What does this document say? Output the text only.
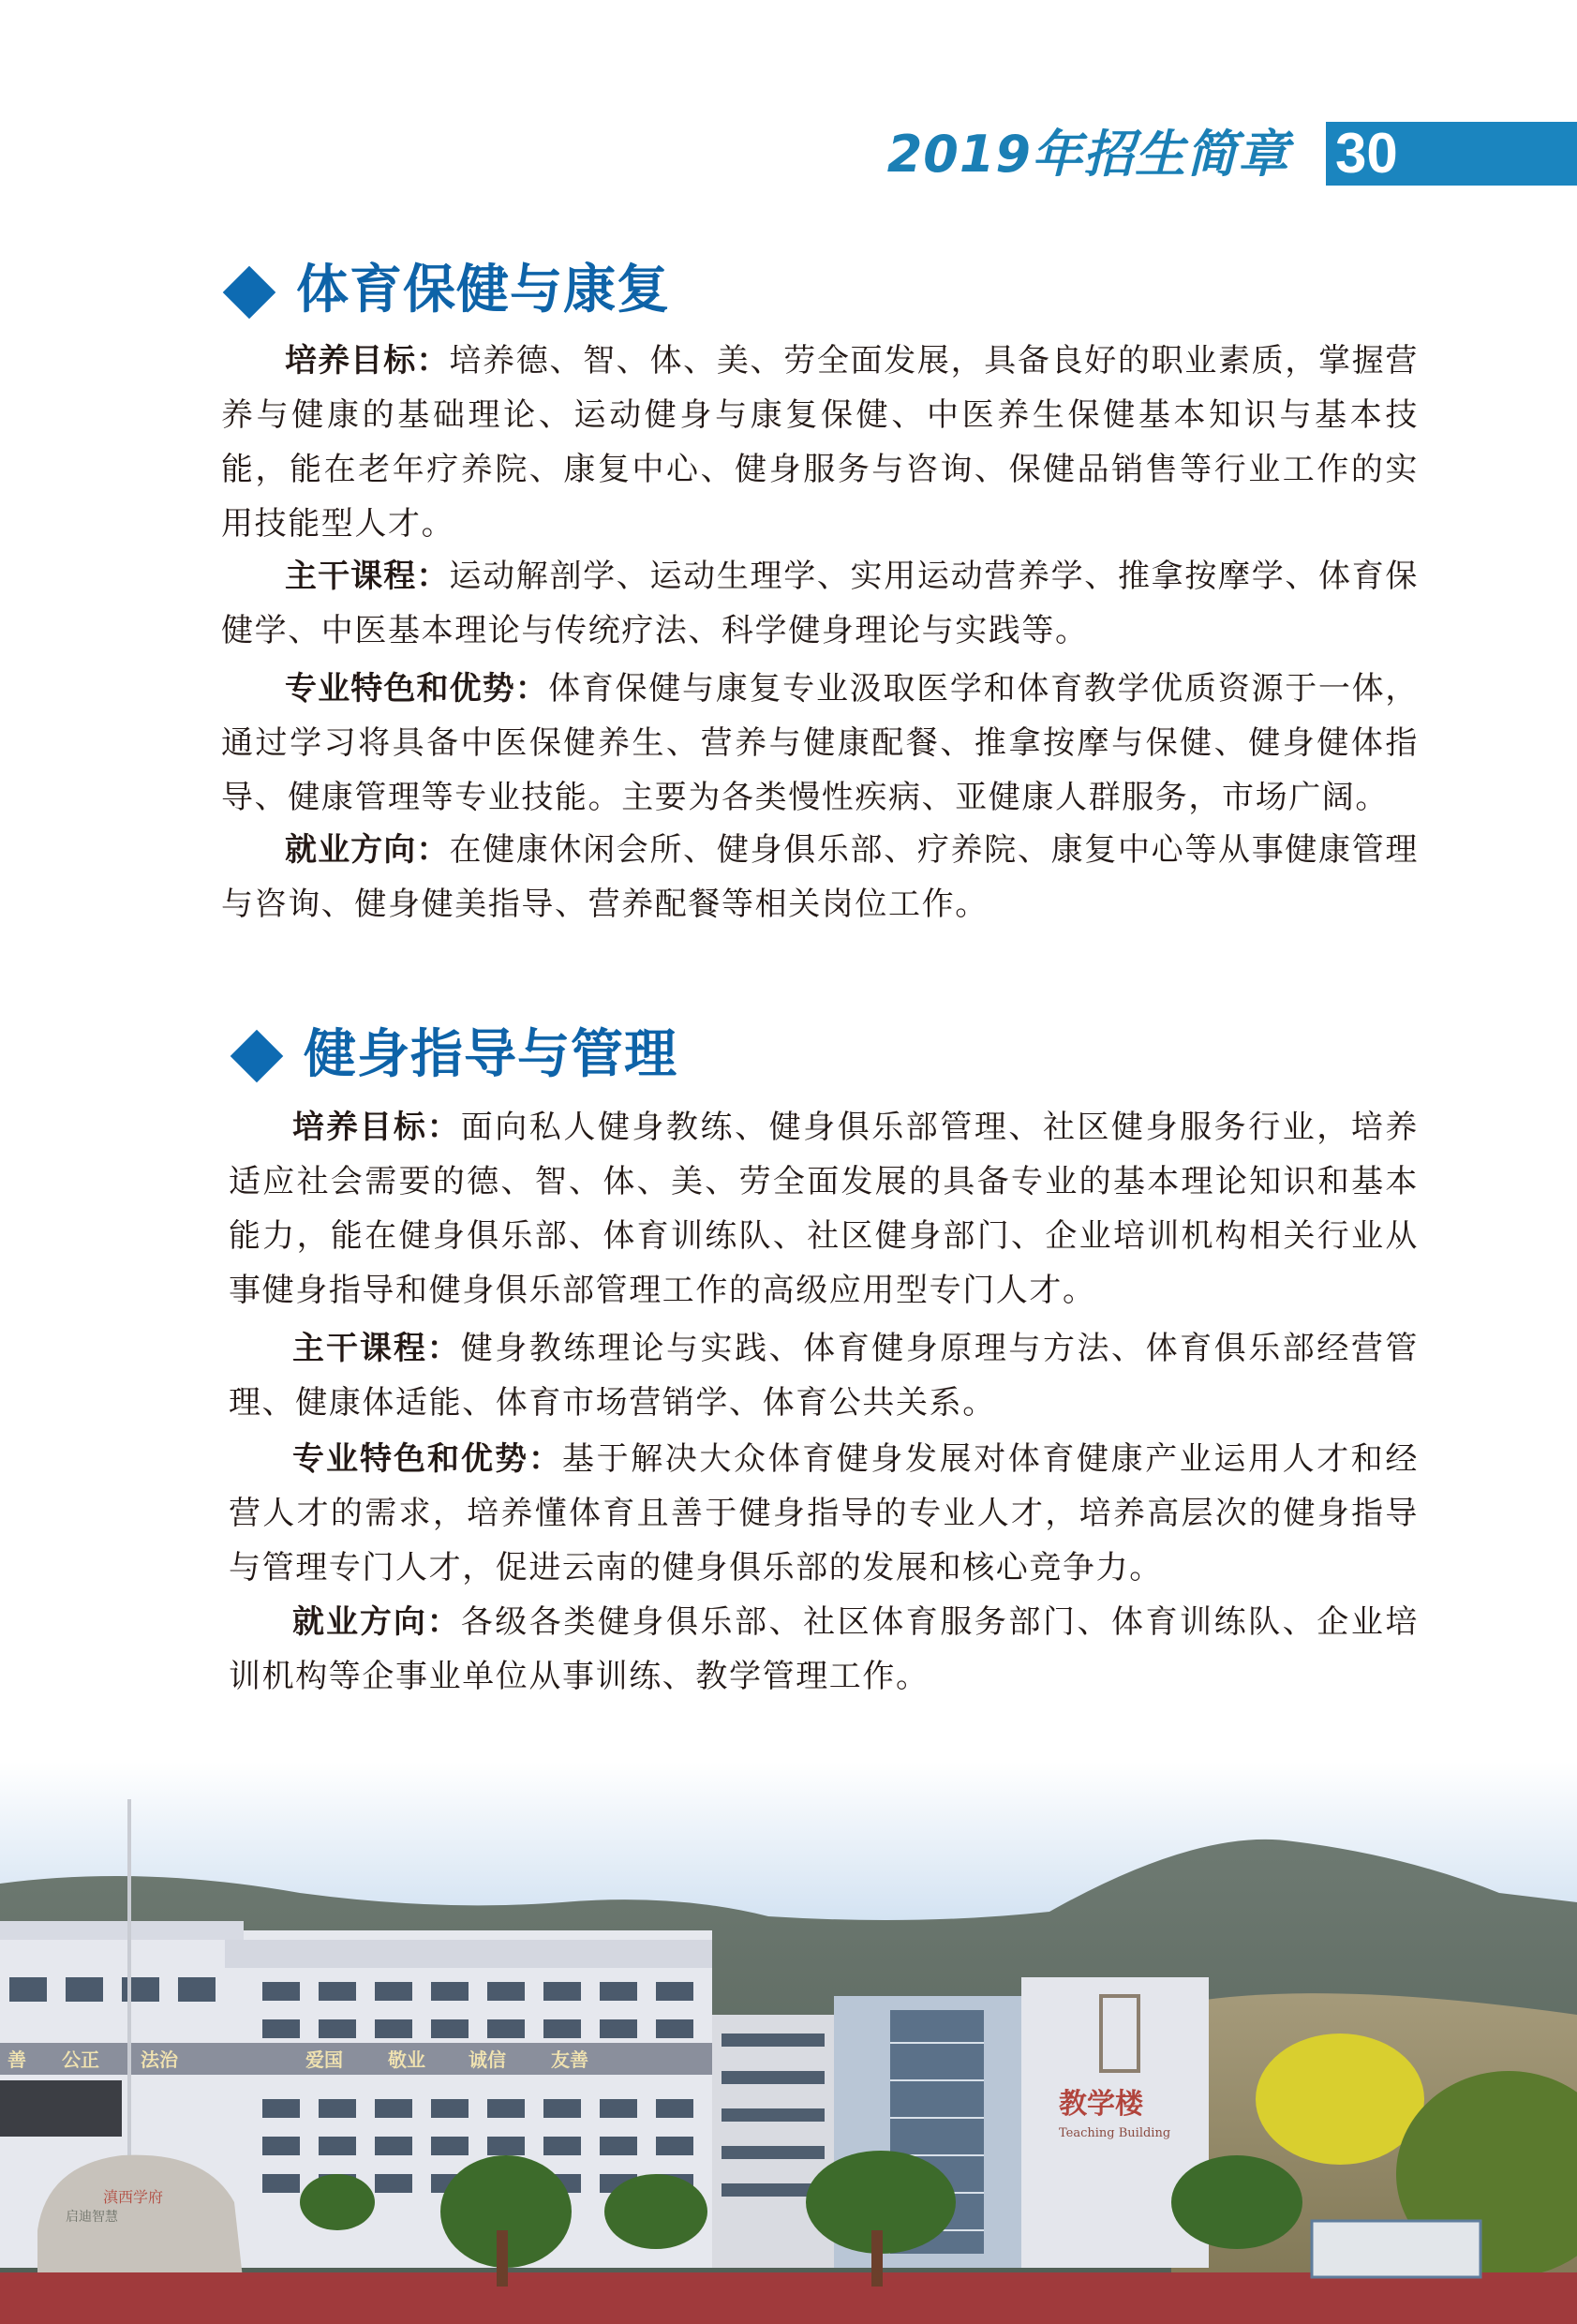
2019年招生简章 30
体育保健与康复

培养目标：培养德、智、体、美、劳全面发展，具备良好的职业素质，掌握营养与健康的基础理论、运动健身与康复保健、中医养生保健基本知识与基本技能，能在老年疗养院、康复中心、健身服务与咨询、保健品销售等行业工作的实用技能型人才。

主干课程：运动解剖学、运动生理学、实用运动营养学、推拿按摩学、体育保健学、中医基本理论与传统疗法、科学健身理论与实践等。

专业特色和优势：体育保健与康复专业汲取医学和体育教学优质资源于一体，通过学习将具备中医保健养生、营养与健康配餐、推拿按摩与保健、健身健体指导、健康管理等专业技能。主要为各类慢性疾病、亚健康人群服务，市场广阔。

就业方向：在健康休闲会所、健身俱乐部、疗养院、康复中心等从事健康管理与咨询、健身健美指导、营养配餐等相关岗位工作。

健身指导与管理

培养目标：面向私人健身教练、健身俱乐部管理、社区健身服务行业，培养适应社会需要的德、智、体、美、劳全面发展的具备专业的基本理论知识和基本能力，能在健身俱乐部、体育训练队、社区健身部门、企业培训机构相关行业从事健身指导和健身俱乐部管理工作的高级应用型专门人才。

主干课程：健身教练理论与实践、体育健身原理与方法、体育俱乐部经营管理、健康体适能、体育市场营销学、体育公共关系。

专业特色和优势：基于解决大众体育健身发展对体育健康产业运用人才和经营人才的需求，培养懂体育且善于健身指导的专业人才，培养高层次的健身指导与管理专门人才，促进云南的健身俱乐部的发展和核心竞争力。

就业方向：各级各类健身俱乐部、社区体育服务部门、体育训练队、企业培训机构等企事业单位从事训练、教学管理工作。

善 公正 法治	爱国 敬业 诚信 友善
教学楼
Teaching Building
滇西学府
启迪智慧
